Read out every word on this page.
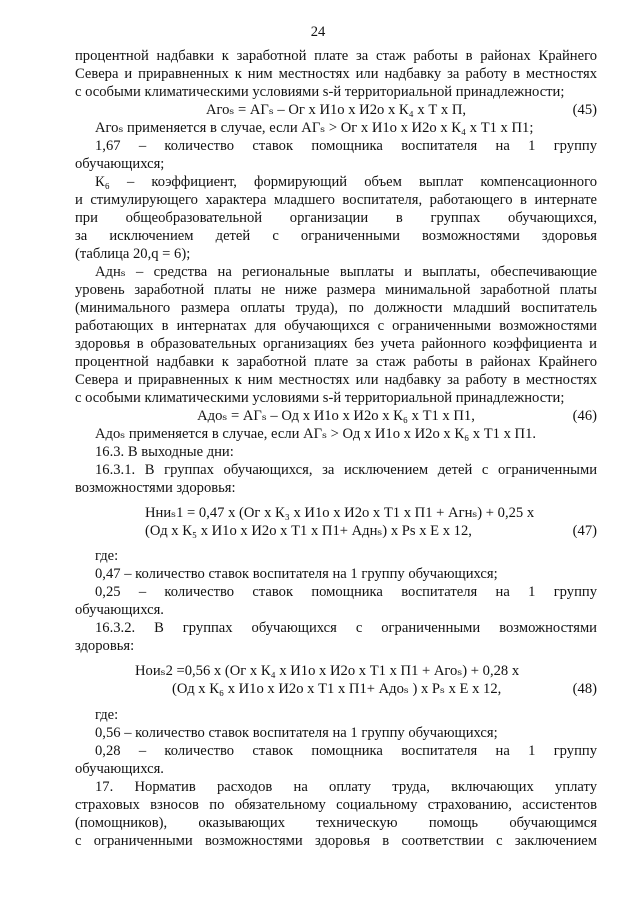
24
процентной надбавки к заработной плате за стаж работы в районах Крайнего
Севера и приравненных к ним местностях или надбавку за работу в местностях
с особыми климатическими условиями s-й территориальной принадлежности;
Агоₛ = АГₛ – Ог х И1о х И2о х К₄ х Т х П,	(45)
Агоₛ применяется в случае, если АГₛ > Ог х И1о х И2о х К₄ х Т1 х П1;
1,67 – количество ставок помощника воспитателя на 1 группу
обучающихся;
К₆ – коэффициент, формирующий объем выплат компенсационного
и стимулирующего характера младшего воспитателя, работающего в интернате
при общеобразовательной организации в группах обучающихся,
за исключением детей с ограниченными возможностями здоровья
(таблица 20,q = 6);
Аднₛ – средства на региональные выплаты и выплаты, обеспечивающие
уровень заработной платы не ниже размера минимальной заработной платы
(минимального размера оплаты труда), по должности младший воспитатель
работающих в интернатах для обучающихся с ограниченными возможностями
здоровья в образовательных организациях без учета районного коэффициента и
процентной надбавки к заработной плате за стаж работы в районах Крайнего
Севера и приравненных к ним местностях или надбавку за работу в местностях
с особыми климатическими условиями s-й территориальной принадлежности;
Адоₛ = АГₛ – Од х И1о х И2о х К₆ х Т1 х П1,	(46)
Адоₛ применяется в случае, если АГₛ > Од х И1о х И2о х К₆ х Т1 х П1.
16.3. В выходные дни:
16.3.1. В группах обучающихся, за исключением детей с ограниченными
возможностями здоровья:
Нниₛ1 = 0,47 х (Ог х К₃ х И1о х И2о х Т1 х П1 + Агнₛ) + 0,25 х
(Од х К₅ х И1о х И2о х Т1 х П1+ Аднₛ) х Рs х Е х 12,	(47)
где:
0,47 – количество ставок воспитателя на 1 группу обучающихся;
0,25 – количество ставок помощника воспитателя на 1 группу
обучающихся.
16.3.2. В группах обучающихся с ограниченными возможностями
здоровья:
Ноиₛ2 =0,56 х (Ог х К₄ х И1о х И2о х Т1 х П1 + Агоₛ) + 0,28 х
(Од х К₆ х И1о х И2о х Т1 х П1+ Адоₛ ) х Рₛ х Е х 12,	(48)
где:
0,56 – количество ставок воспитателя на 1 группу обучающихся;
0,28 – количество ставок помощника воспитателя на 1 группу
обучающихся.
17. Норматив расходов на оплату труда, включающих уплату
страховых взносов по обязательному социальному страхованию, ассистентов
(помощников), оказывающих техническую помощь обучающимся
с ограниченными возможностями здоровья в соответствии с заключением
